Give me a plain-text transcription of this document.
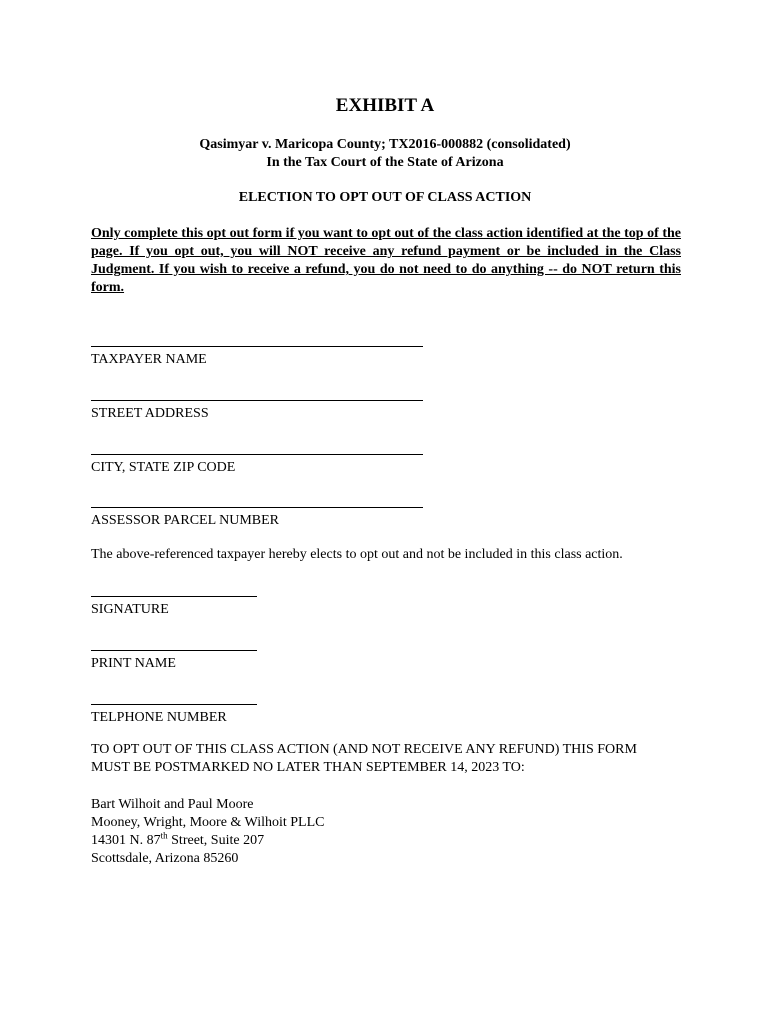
EXHIBIT A
Qasimyar v. Maricopa County; TX2016-000882 (consolidated)
In the Tax Court of the State of Arizona
ELECTION TO OPT OUT OF CLASS ACTION

Only complete this opt out form if you want to opt out of the class action identified at the top of the page. If you opt out, you will NOT receive any refund payment or be included in the Class Judgment. If you wish to receive a refund, you do not need to do anything -- do NOT return this form.

TAXPAYER NAME
STREET ADDRESS
CITY, STATE ZIP CODE
ASSESSOR PARCEL NUMBER

The above-referenced taxpayer hereby elects to opt out and not be included in this class action.

SIGNATURE
PRINT NAME
TELPHONE NUMBER
TO OPT OUT OF THIS CLASS ACTION (AND NOT RECEIVE ANY REFUND) THIS FORM
MUST BE POSTMARKED NO LATER THAN SEPTEMBER 14, 2023 TO:
Bart Wilhoit and Paul Moore
Mooney, Wright, Moore & Wilhoit PLLC
14301 N. 87th Street, Suite 207
Scottsdale, Arizona 85260
